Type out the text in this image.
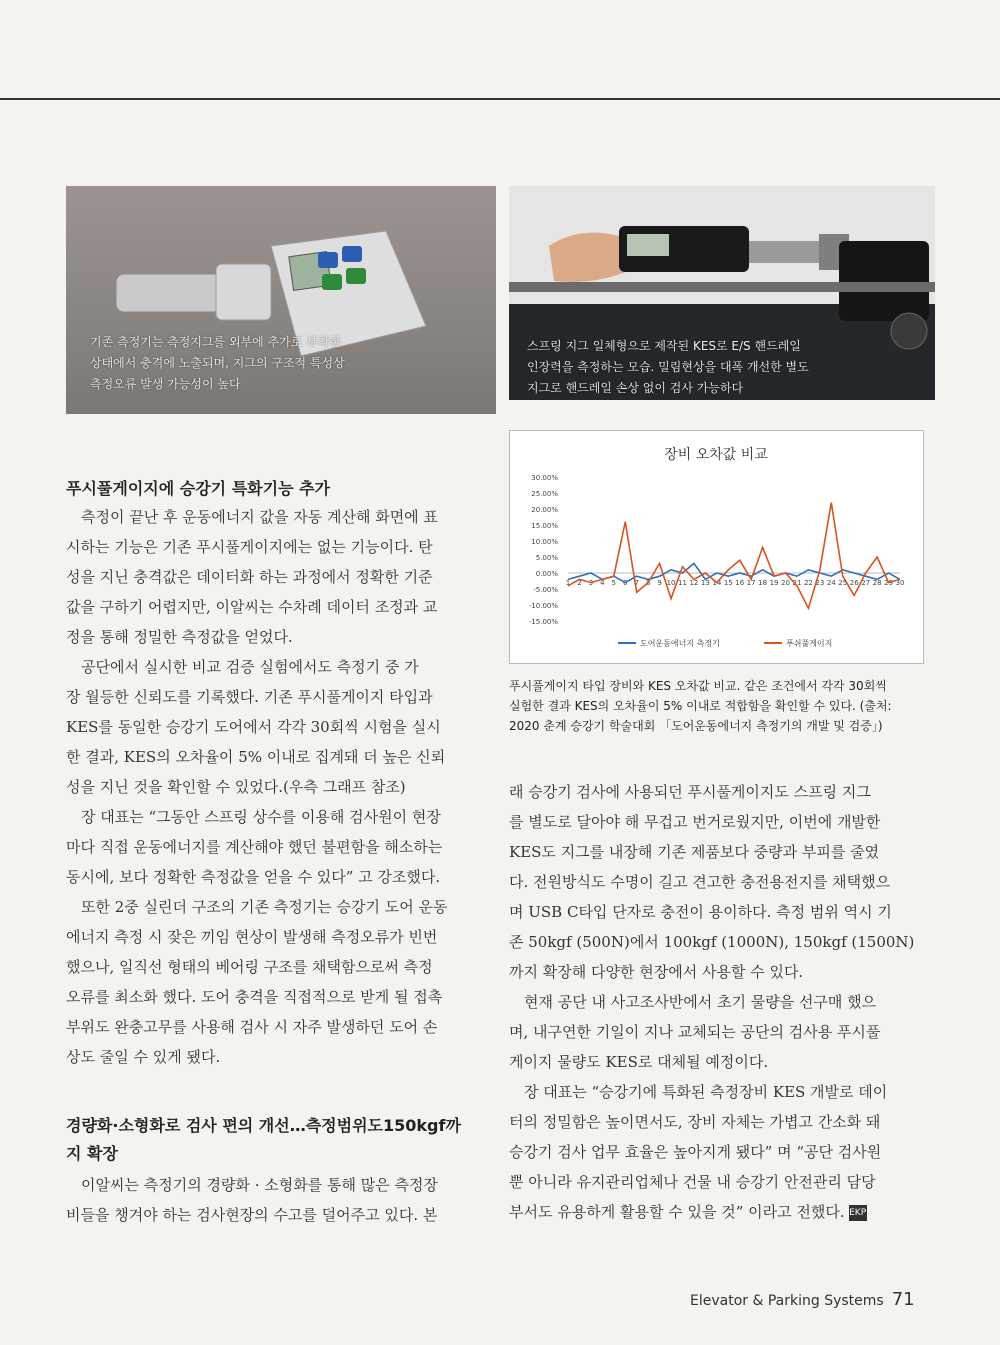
기존 측정기는 측정지그를 외부에 추가로 부착한
상태에서 충격에 노출되며, 지그의 구조적 특성상
측정오류 발생 가능성이 높다
스프링 지그 일체형으로 제작된 KES로 E/S 핸드레일
인장력을 측정하는 모습. 밀림현상을 대폭 개선한 별도
지그로 핸드레일 손상 없이 검사 가능하다
장비 오차값 비교
30.00%
25.00%
20.00%
15.00%
10.00%
5.00%
0.00%
-5.00%
-10.00%
-15.00%
1 2 3 4 5 6 7 8 9 10 11 12 13 14 15 16 17 18 19 20 21 22 23 24 25 26 27 28 29 30
도어운동에너지 측정기	푸쉬풀게이지
푸시풀게이지 타입 장비와 KES 오차값 비교. 같은 조건에서 각각 30회씩
실험한 결과 KES의 오차율이 5% 이내로 적합함을 확인할 수 있다. (출처:
2020 춘계 승강기 학술대회 「도어운동에너지 측정기의 개발 및 검증」)
푸시풀게이지에 승강기 특화기능 추가
　측정이 끝난 후 운동에너지 값을 자동 계산해 화면에 표
시하는 기능은 기존 푸시풀게이지에는 없는 기능이다. 탄
성을 지닌 충격값은 데이터화 하는 과정에서 정확한 기준
값을 구하기 어렵지만, 이알씨는 수차례 데이터 조정과 교
정을 통해 정밀한 측정값을 얻었다.
　공단에서 실시한 비교 검증 실험에서도 측정기 중 가
장 월등한 신뢰도를 기록했다. 기존 푸시풀게이지 타입과
KES를 동일한 승강기 도어에서 각각 30회씩 시험을 실시
한 결과, KES의 오차율이 5% 이내로 집계돼 더 높은 신뢰
성을 지닌 것을 확인할 수 있었다.(우측 그래프 참조)
　장 대표는 “그동안 스프링 상수를 이용해 검사원이 현장
마다 직접 운동에너지를 계산해야 했던 불편함을 해소하는
동시에, 보다 정확한 측정값을 얻을 수 있다” 고 강조했다.
　또한 2중 실린더 구조의 기존 측정기는 승강기 도어 운동
에너지 측정 시 잦은 끼임 현상이 발생해 측정오류가 빈번
했으나, 일직선 형태의 베어링 구조를 채택함으로써 측정
오류를 최소화 했다. 도어 충격을 직접적으로 받게 될 접촉
부위도 완충고무를 사용해 검사 시 자주 발생하던 도어 손
상도 줄일 수 있게 됐다.
경량화·소형화로 검사 편의 개선…측정범위도150kgf까
지 확장
　이알씨는 측정기의 경량화 · 소형화를 통해 많은 측정장
비들을 챙겨야 하는 검사현장의 수고를 덜어주고 있다. 본
래 승강기 검사에 사용되던 푸시풀게이지도 스프링 지그
를 별도로 달아야 해 무겁고 번거로웠지만, 이번에 개발한
KES도 지그를 내장해 기존 제품보다 중량과 부피를 줄였
다. 전원방식도 수명이 길고 견고한 충전용전지를 채택했으
며 USB C타입 단자로 충전이 용이하다. 측정 범위 역시 기
존 50kgf (500N)에서 100kgf (1000N), 150kgf (1500N)
까지 확장해 다양한 현장에서 사용할 수 있다.
　현재 공단 내 사고조사반에서 초기 물량을 선구매 했으
며, 내구연한 기일이 지나 교체되는 공단의 검사용 푸시풀
게이지 물량도 KES로 대체될 예정이다.
　장 대표는 “승강기에 특화된 측정장비 KES 개발로 데이
터의 정밀함은 높이면서도, 장비 자체는 가볍고 간소화 돼
승강기 검사 업무 효율은 높아지게 됐다” 며 “공단 검사원
뿐 아니라 유지관리업체나 건물 내 승강기 안전관리 담당
부서도 유용하게 활용할 수 있을 것” 이라고 전했다. EKP
Elevator & Parking Systems 71
